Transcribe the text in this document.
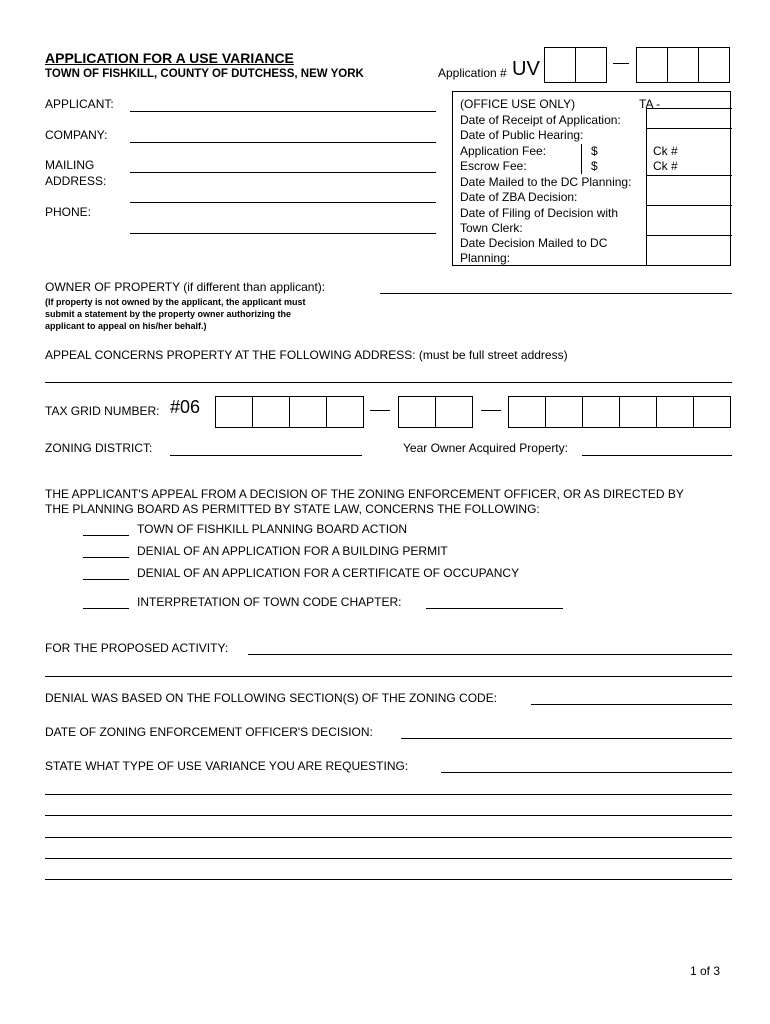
APPLICATION FOR A USE VARIANCE
TOWN OF FISHKILL, COUNTY OF DUTCHESS, NEW YORK	Application # UV
APPLICANT:
COMPANY:
MAILING
ADDRESS:
PHONE:
(OFFICE USE ONLY)	TA -
Date of Receipt of Application:
Date of Public Hearing:
Application Fee:	$	Ck #
Escrow Fee:	$	Ck #
Date Mailed to the DC Planning:
Date of ZBA Decision:
Date of Filing of Decision with
Town Clerk:
Date Decision Mailed to DC
Planning:
OWNER OF PROPERTY (if different than applicant):
(If property is not owned by the applicant, the applicant must
submit a statement by the property owner authorizing the
applicant to appeal on his/her behalf.)
APPEAL CONCERNS PROPERTY AT THE FOLLOWING ADDRESS: (must be full street address)
TAX GRID NUMBER: #06
ZONING DISTRICT:	Year Owner Acquired Property:
THE APPLICANT'S APPEAL FROM A DECISION OF THE ZONING ENFORCEMENT OFFICER, OR AS DIRECTED BY
THE PLANNING BOARD AS PERMITTED BY STATE LAW, CONCERNS THE FOLLOWING:
TOWN OF FISHKILL PLANNING BOARD ACTION
DENIAL OF AN APPLICATION FOR A BUILDING PERMIT
DENIAL OF AN APPLICATION FOR A CERTIFICATE OF OCCUPANCY
INTERPRETATION OF TOWN CODE CHAPTER:
FOR THE PROPOSED ACTIVITY:
DENIAL WAS BASED ON THE FOLLOWING SECTION(S) OF THE ZONING CODE:
DATE OF ZONING ENFORCEMENT OFFICER'S DECISION:
STATE WHAT TYPE OF USE VARIANCE YOU ARE REQUESTING:
1 of 3
